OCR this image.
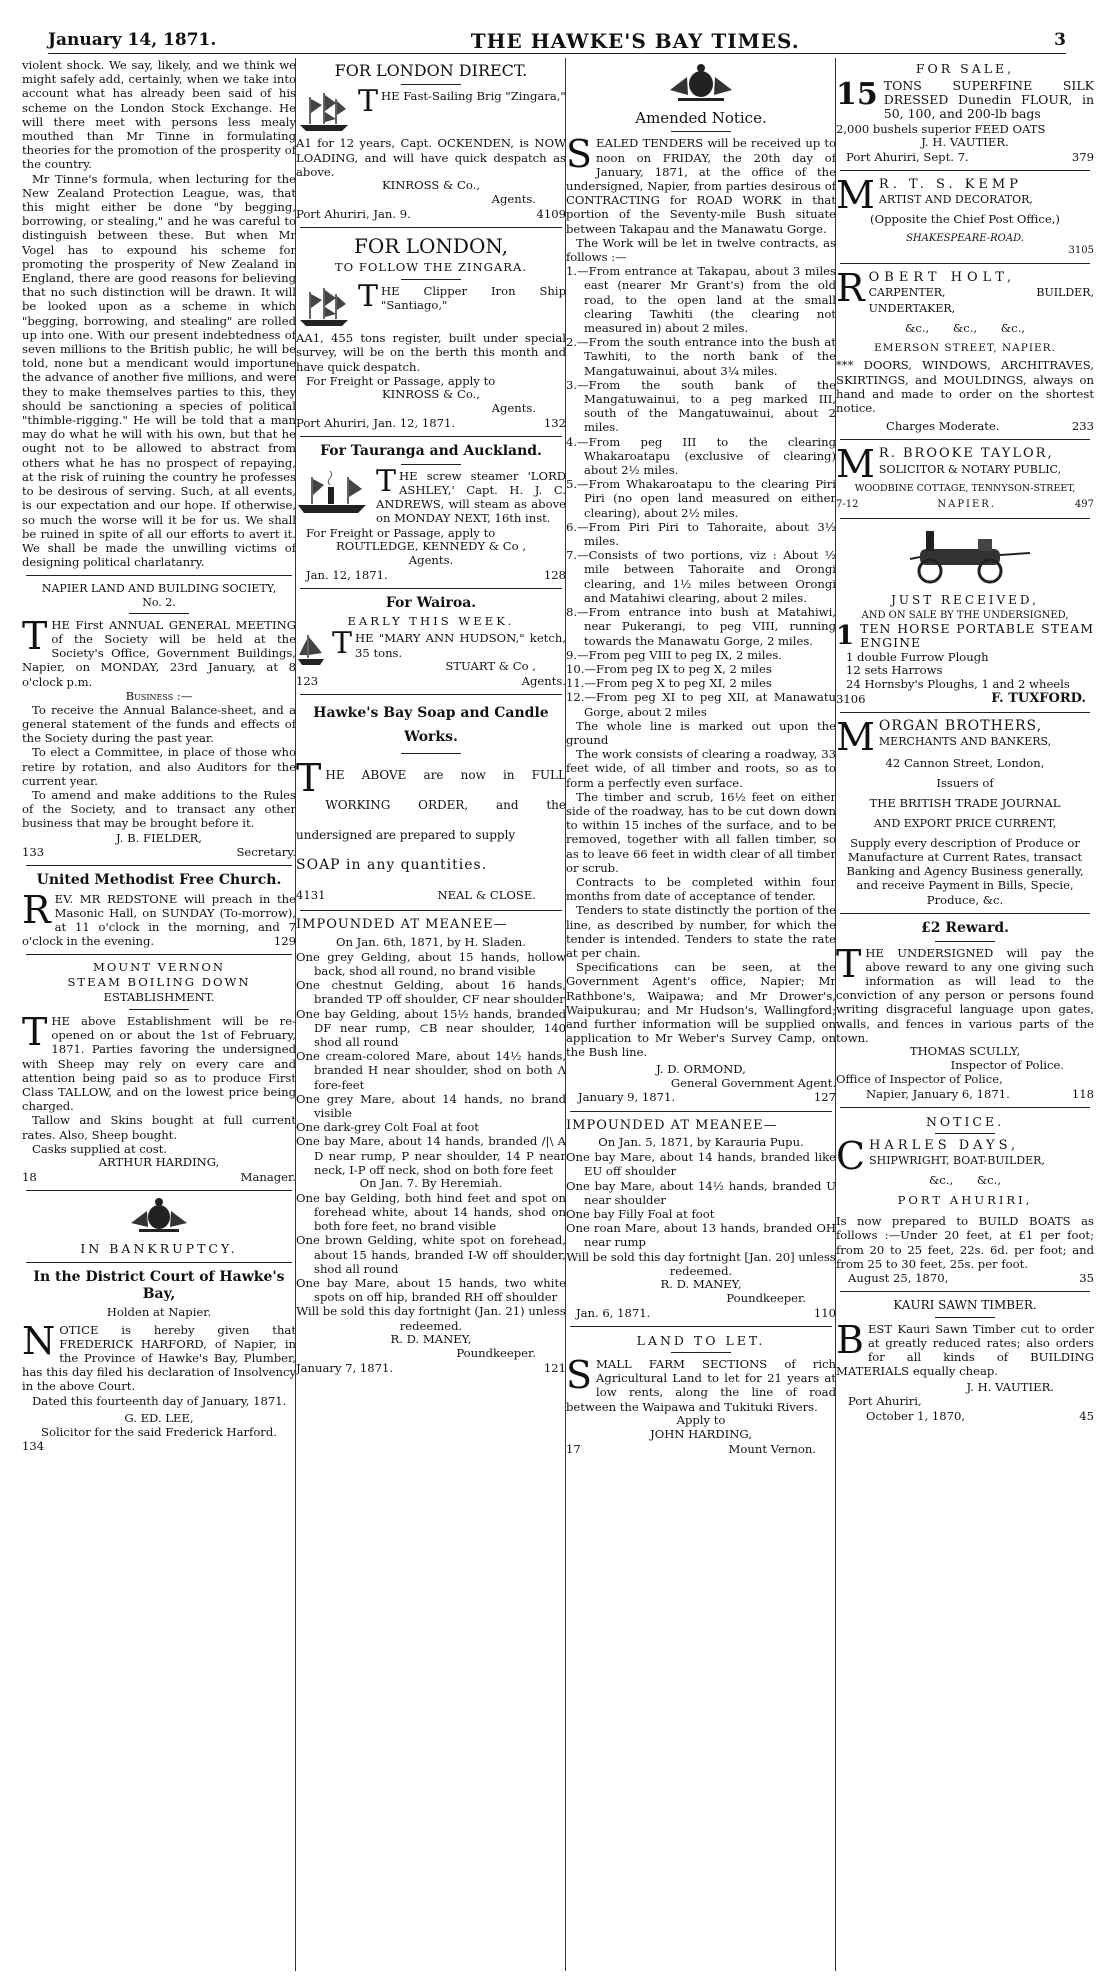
January 14, 1871.	THE HAWKE'S BAY TIMES.	3

violent shock. We say, likely, and we think we might safely add, certainly, when we take into account what has already been said of his scheme on the London Stock Exchange. He will there meet with persons less mealy mouthed than Mr Tinne in formulating theories for the promotion of the prosperity of the country.

Mr Tinne's formula, when lecturing for the New Zealand Protection League, was, that this might either be done "by begging, borrowing, or stealing," and he was careful to distinguish between these. But when Mr Vogel has to expound his scheme for promoting the prosperity of New Zealand in England, there are good reasons for believing that no such distinction will be drawn. It will be looked upon as a scheme in which "begging, borrowing, and stealing" are rolled up into one. With our present indebtedness of seven millions to the British public, he will be told, none but a mendicant would importune the advance of another five millions, and were they to make themselves parties to this, they should be sanctioning a species of political "thimble-rigging." He will be told that a man may do what he will with his own, but that he ought not to be allowed to abstract from others what he has no prospect of repaying, at the risk of ruining the country he professes to be desirous of serving. Such, at all events, is our expectation and our hope. If otherwise, so much the worse will it be for us. We shall be ruined in spite of all our efforts to avert it. We shall be made the unwilling victims of designing political charlatanry.

NAPIER LAND AND BUILDING SOCIETY, No. 2.

THE First ANNUAL GENERAL MEETING of the Society will be held at the Society's Office, Government Buildings, Napier, on MONDAY, 23rd January, at 8 o'clock p.m.

Business :—

To receive the Annual Balance-sheet, and a general statement of the funds and effects of the Society during the past year.

To elect a Committee, in place of those who retire by rotation, and also Auditors for the current year.

To amend and make additions to the Rules of the Society, and to transact any other business that may be brought before it.

J. B. FIELDER,
133	Secretary.
United Methodist Free Church.

REV. MR REDSTONE will preach in the Masonic Hall, on SUNDAY (To-morrow), at 11 o'clock in the morning, and 7 o'clock in the evening.	129

MOUNT VERNON
STEAM BOILING DOWN
ESTABLISHMENT.

THE above Establishment will be re-opened on or about the 1st of February, 1871. Parties favoring the undersigned with Sheep may rely on every care and attention being paid so as to produce First Class TALLOW, and on the lowest price being charged.

Tallow and Skins bought at full current rates. Also, Sheep bought.

Casks supplied at cost.

ARTHUR HARDING,
18	Manager.
IN BANKRUPTCY.
In the District Court of Hawke's Bay,
Holden at Napier.

NOTICE is hereby given that FREDERICK HARFORD, of Napier, in the Province of Hawke's Bay, Plumber, has this day filed his declaration of Insolvency in the above Court.

Dated this fourteenth day of January, 1871.

G. ED. LEE,
Solicitor for the said Frederick Harford.
134
FOR LONDON DIRECT.

THE Fast-Sailing Brig "Zingara,"

A1 for 12 years, Capt. OCKENDEN, is NOW LOADING, and will have quick despatch as above.

KINROSS & Co.,
Agents.
Port Ahuriri, Jan. 9.	4109
FOR LONDON,
TO FOLLOW THE ZINGARA.

THE Clipper Iron Ship "Santiago,"

AA1, 455 tons register, built under special survey, will be on the berth this month and have quick despatch.

For Freight or Passage, apply to

KINROSS & Co.,
Agents.
Port Ahuriri, Jan. 12, 1871.	132
For Tauranga and Auckland.

THE screw steamer 'LORD ASHLEY,' Capt. H. J. C. ANDREWS, will steam as above on MONDAY NEXT, 16th inst.

For Freight or Passage, apply to

ROUTLEDGE, KENNEDY & Co ,
Agents.
Jan. 12, 1871.	128
For Wairoa.
EARLY THIS WEEK.

THE "MARY ANN HUDSON," ketch, 35 tons.

STUART & Co ,
123	Agents.
Hawke's Bay Soap and Candle Works.

THE ABOVE are now in FULL WORKING ORDER, and the undersigned are prepared to supply

SOAP in any quantities.
4131	NEAL & CLOSE.
IMPOUNDED AT MEANEE—
On Jan. 6th, 1871, by H. Sladen.

One grey Gelding, about 15 hands, hollow back, shod all round, no brand visible

One chestnut Gelding, about 16 hands, branded TP off shoulder, CF near shoulder

One bay Gelding, about 15½ hands, branded DF near rump, ⊂B near shoulder, 140 shod all round

One cream-colored Mare, about 14½ hands, branded H near shoulder, shod on both Λ fore-feet

One grey Mare, about 14 hands, no brand visible

One dark-grey Colt Foal at foot

One bay Mare, about 14 hands, branded /|\ A D near rump, P near shoulder, 14 P near neck, I-P off neck, shod on both fore feet

On Jan. 7. By Heremiah.

One bay Gelding, both hind feet and spot on forehead white, about 14 hands, shod on both fore feet, no brand visible

One brown Gelding, white spot on forehead, about 15 hands, branded I-W off shoulder, shod all round

One bay Mare, about 15 hands, two white spots on off hip, branded RH off shoulder

Will be sold this day fortnight (Jan. 21) unless redeemed.

R. D. MANEY,
Poundkeeper.
January 7, 1871.	121
Amended Notice.

SEALED TENDERS will be received up to noon on FRIDAY, the 20th day of January, 1871, at the office of the undersigned, Napier, from parties desirous of CONTRACTING for ROAD WORK in that portion of the Seventy-mile Bush situate between Takapau and the Manawatu Gorge.

The Work will be let in twelve contracts, as follows :—

1.—From entrance at Takapau, about 3 miles east (nearer Mr Grant's) from the old road, to the open land at the small clearing Tawhiti (the clearing not measured in) about 2 miles.

2.—From the south entrance into the bush at Tawhiti, to the north bank of the Mangatuwainui, about 3¼ miles.

3.—From the south bank of the Mangatuwainui, to a peg marked III, south of the Mangatuwainui, about 2 miles.

4.—From peg III to the clearing Whakaroatapu (exclusive of clearing) about 2½ miles.

5.—From Whakaroatapu to the clearing Piri Piri (no open land measured on either clearing), about 2½ miles.

6.—From Piri Piri to Tahoraite, about 3½ miles.

7.—Consists of two portions, viz : About ½ mile between Tahoraite and Orongi clearing, and 1½ miles between Orongi and Matahiwi clearing, about 2 miles.

8.—From entrance into bush at Matahiwi, near Pukerangi, to peg VIII, running towards the Manawatu Gorge, 2 miles.

9.—From peg VIII to peg IX, 2 miles.

10.—From peg IX to peg X, 2 miles

11.—From peg X to peg XI, 2 miles

12.—From peg XI to peg XII, at Manawatu Gorge, about 2 miles

The whole line is marked out upon the ground

The work consists of clearing a roadway, 33 feet wide, of all timber and roots, so as to form a perfectly even surface.

The timber and scrub, 16½ feet on either side of the roadway, has to be cut down down to within 15 inches of the surface, and to be removed, together with all fallen timber, so as to leave 66 feet in width clear of all timber or scrub.

Contracts to be completed within four months from date of acceptance of tender.

Tenders to state distinctly the portion of the line, as described by number, for which the tender is intended. Tenders to state the rate at per chain.

Specifications can be seen, at the Government Agent's office, Napier; Mr Rathbone's, Waipawa; and Mr Drower's, Waipukurau; and Mr Hudson's, Wallingford; and further information will be supplied on application to Mr Weber's Survey Camp, on the Bush line.

J. D. ORMOND,
General Government Agent.
January 9, 1871.	127
IMPOUNDED AT MEANEE—
On Jan. 5, 1871, by Karauria Pupu.

One bay Mare, about 14 hands, branded like EU off shoulder

One bay Mare, about 14½ hands, branded U near shoulder

One bay Filly Foal at foot

One roan Mare, about 13 hands, branded OH near rump

Will be sold this day fortnight [Jan. 20] unless redeemed.

R. D. MANEY,
Poundkeeper.
Jan. 6, 1871.	110
LAND TO LET.

SMALL FARM SECTIONS of rich Agricultural Land to let for 21 years at low rents, along the line of road between the Waipawa and Tukituki Rivers.

Apply to
JOHN HARDING,
17	Mount Vernon.
FOR SALE,

15 TONS SUPERFINE SILK DRESSED Dunedin FLOUR, in 50, 100, and 200-lb bags

2,000 bushels superior FEED OATS

J. H. VAUTIER.
Port Ahuriri, Sept. 7.	379

M R. T. S. KEMP
ARTIST AND DECORATOR,

(Opposite the Chief Post Office,)
SHAKESPEARE-ROAD.
3105

ROBERT HOLT,
CARPENTER, BUILDER, UNDERTAKER,

&c., &c., &c.,
EMERSON STREET, NAPIER.

*** DOORS, WINDOWS, ARCHITRAVES, SKIRTINGS, and MOULDINGS, always on hand and made to order on the shortest notice.

Charges Moderate.	233

M R. BROOKE TAYLOR,
SOLICITOR & NOTARY PUBLIC,

WOODBINE COTTAGE, TENNYSON-STREET,
7-12	NAPIER.	497
JUST RECEIVED,
AND ON SALE BY THE UNDERSIGNED,

1 TEN HORSE PORTABLE STEAM ENGINE

1 double Furrow Plough
12 sets Harrows
24 Hornsby's Ploughs, 1 and 2 wheels
3106	F. TUXFORD.

MORGAN BROTHERS,
MERCHANTS AND BANKERS,

42 Cannon Street, London,
Issuers of
THE BRITISH TRADE JOURNAL
AND EXPORT PRICE CURRENT,

Supply every description of Produce or Manufacture at Current Rates, transact Banking and Agency Business generally, and receive Payment in Bills, Specie, Produce, &c.

£2 Reward.

THE UNDERSIGNED will pay the above reward to any one giving such information as will lead to the conviction of any person or persons found writing disgraceful language upon gates, walls, and fences in various parts of the town.

THOMAS SCULLY,
Inspector of Police.
Office of Inspector of Police,
Napier, January 6, 1871.	118
NOTICE.

CHARLES DAYS,
SHIPWRIGHT, BOAT-BUILDER,

&c., &c.,
PORT AHURIRI,

Is now prepared to BUILD BOATS as follows :—Under 20 feet, at £1 per foot; from 20 to 25 feet, 22s. 6d. per foot; and from 25 to 30 feet, 25s. per foot.

August 25, 1870,	35
KAURI SAWN TIMBER.

BEST Kauri Sawn Timber cut to order at greatly reduced rates; also orders for all kinds of BUILDING MATERIALS equally cheap.

J. H. VAUTIER.
Port Ahuriri,
October 1, 1870,	45
